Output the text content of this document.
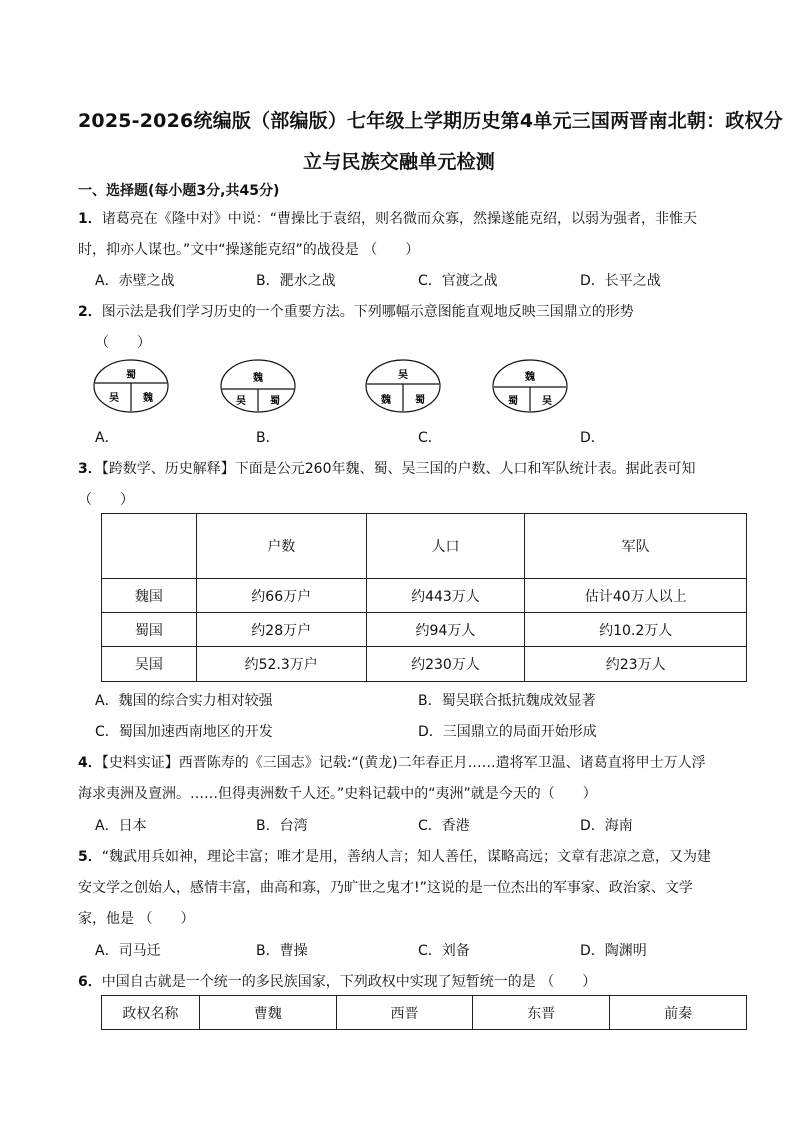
2025-2026统编版（部编版）七年级上学期历史第4单元三国两晋南北朝：政权分
立与民族交融单元检测
一、选择题(每小题3分,共45分)
1．诸葛亮在《隆中对》中说：“曹操比于袁绍，则名微而众寡，然操遂能克绍，以弱为强者，非惟天
时，抑亦人谋也。”文中“操遂能克绍”的战役是 （　　）
A．赤壁之战	B．淝水之战	C．官渡之战	D．长平之战
2．图示法是我们学习历史的一个重要方法。下列哪幅示意图能直观地反映三国鼎立的形势
（　　）
蜀
吴 魏
魏
吴 蜀
吴
魏 蜀
魏
蜀 吴
A．	B．	C．	D．
3．【跨数学、历史解释】下面是公元260年魏、蜀、吴三国的户数、人口和军队统计表。据此表可知
（　　）
	户数	人口	军队
魏国	约66万户	约443万人	估计40万人以上
蜀国	约28万户	约94万人	约10.2万人
吴国	约52.3万户	约230万人	约23万人
A．魏国的综合实力相对较强	B．蜀吴联合抵抗魏成效显著
C．蜀国加速西南地区的开发	D．三国鼎立的局面开始形成
4．【史料实证】西晋陈寿的《三国志》记载:“(黄龙)二年春正月……遣将军卫温、诸葛直将甲士万人浮
海求夷洲及亶洲。……但得夷洲数千人还。”史料记载中的“夷洲”就是今天的（　　）
A．日本	B．台湾	C．香港	D．海南
5．“魏武用兵如神，理论丰富；唯才是用，善纳人言；知人善任，谋略高远；文章有悲凉之意，又为建
安文学之创始人，感情丰富，曲高和寡，乃旷世之鬼才!”这说的是一位杰出的军事家、政治家、文学
家，他是 （　　）
A．司马迁	B．曹操	C．刘备	D．陶渊明
6．中国自古就是一个统一的多民族国家，下列政权中实现了短暂统一的是 （　　）
政权名称	曹魏	西晋	东晋	前秦
